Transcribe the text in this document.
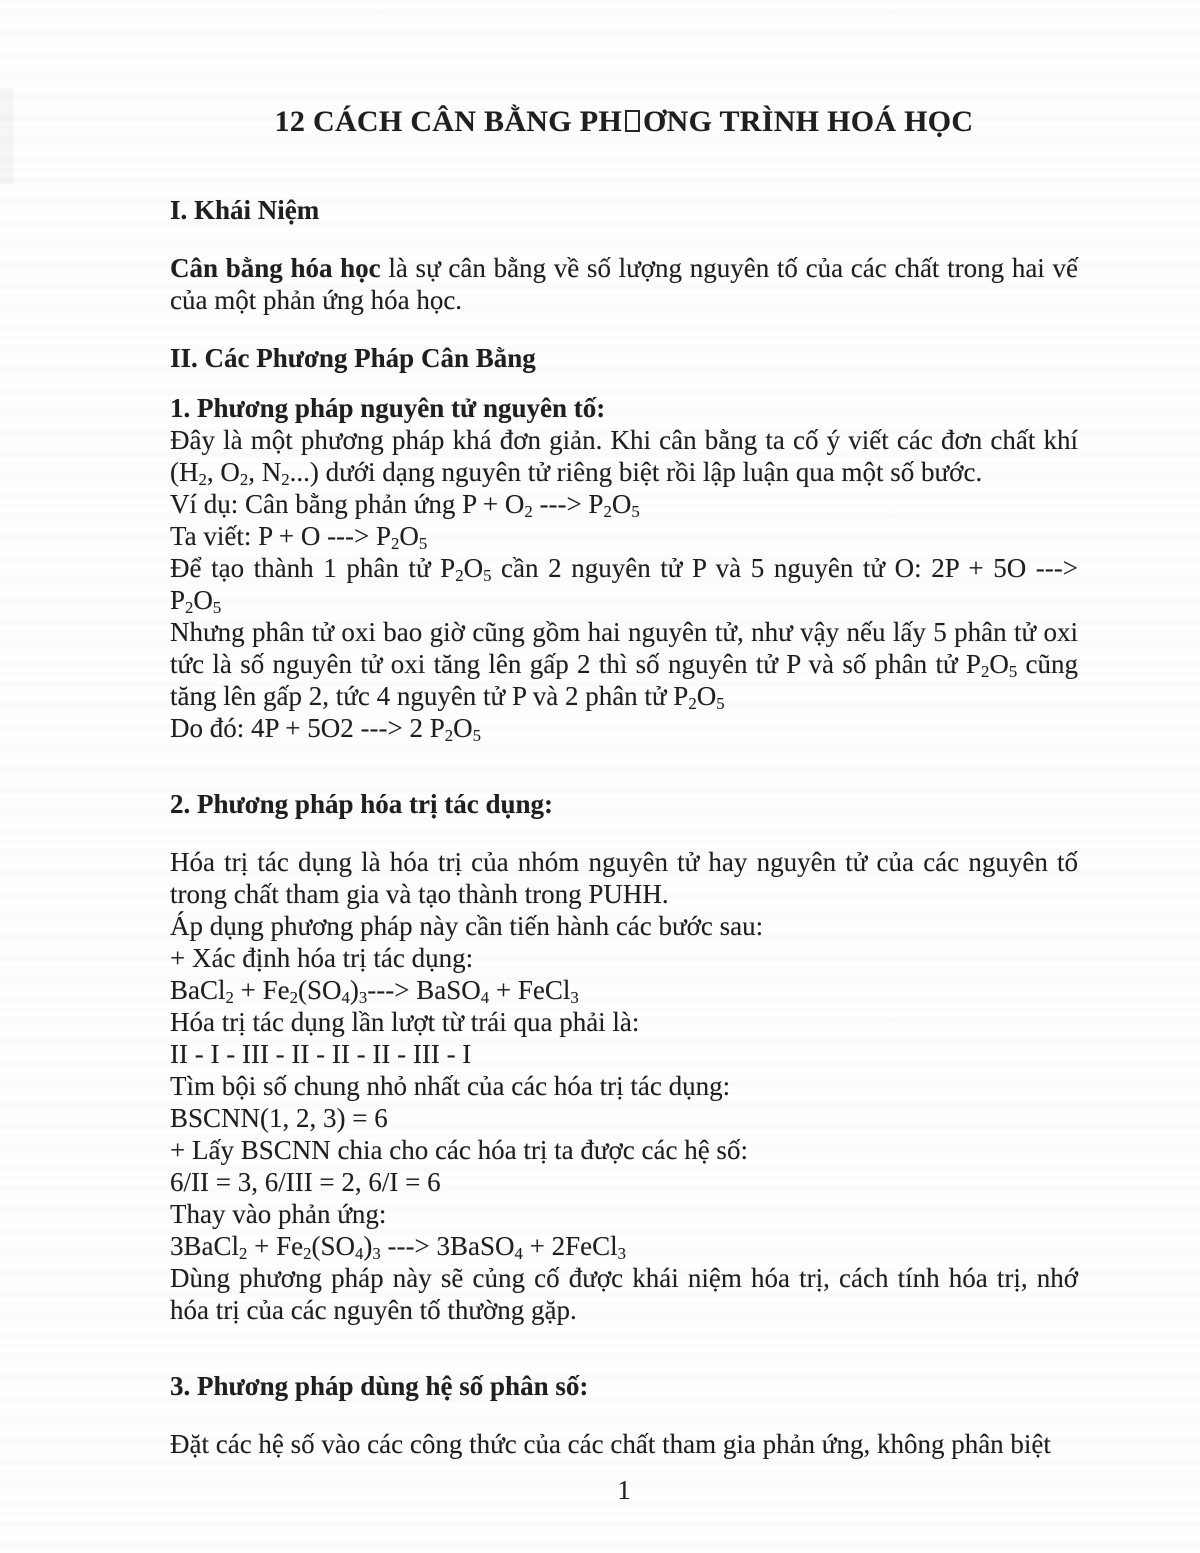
12 CÁCH CÂN BẰNG PH ƠNG TRÌNH HOÁ HỌC
I. Khái Niệm
Cân bằng hóa học là sự cân bằng về số lượng nguyên tố của các chất trong hai vế của một phản ứng hóa học.
II. Các Phương Pháp Cân Bằng
1. Phương pháp nguyên tử nguyên tố:
Đây là một phương pháp khá đơn giản. Khi cân bằng ta cố ý viết các đơn chất khí ($H_2$, $O_2$, $N_2$...) dưới dạng nguyên tử riêng biệt rồi lập luận qua một số bước.
Ví dụ: Cân bằng phản ứng $P + O_2$ ---> $P_2O_5$
Ta viết: P + O ---> $P_2O_5$
Để tạo thành 1 phân tử $P_2O_5$ cần 2 nguyên tử P và 5 nguyên tử O: 2P + 5O ---> $P_2O_5$
Nhưng phân tử oxi bao giờ cũng gồm hai nguyên tử, như vậy nếu lấy 5 phân tử oxi tức là số nguyên tử oxi tăng lên gấp 2 thì số nguyên tử P và số phân tử $P_2O_5$ cũng tăng lên gấp 2, tức 4 nguyên tử P và 2 phân tử $P_2O_5$
Do đó: 4P + 5O2 ---> 2 $P_2O_5$
2. Phương pháp hóa trị tác dụng:
Hóa trị tác dụng là hóa trị của nhóm nguyên tử hay nguyên tử của các nguyên tố trong chất tham gia và tạo thành trong PUHH.
Áp dụng phương pháp này cần tiến hành các bước sau:
+ Xác định hóa trị tác dụng:
BaCl$_2$ + $Fe_2(SO_4)_3--->$ BaSO$_4$ + FeCl$_3$
Hóa trị tác dụng lần lượt từ trái qua phải là:
II - I - III - II - II - II - III - I
Tìm bội số chung nhỏ nhất của các hóa trị tác dụng:
BSCNN(1, 2, 3) = 6
+ Lấy BSCNN chia cho các hóa trị ta được các hệ số:
6/II = 3, 6/III = 2, 6/I = 6
Thay vào phản ứng:
3BaCl$_2$ + $Fe_2(SO_4)_3$ ---> 3BaSO$_4$ + 2FeCl$_3$
Dùng phương pháp này sẽ củng cố được khái niệm hóa trị, cách tính hóa trị, nhớ hóa trị của các nguyên tố thường gặp.
3. Phương pháp dùng hệ số phân số:
Đặt các hệ số vào các công thức của các chất tham gia phản ứng, không phân biệt
1
